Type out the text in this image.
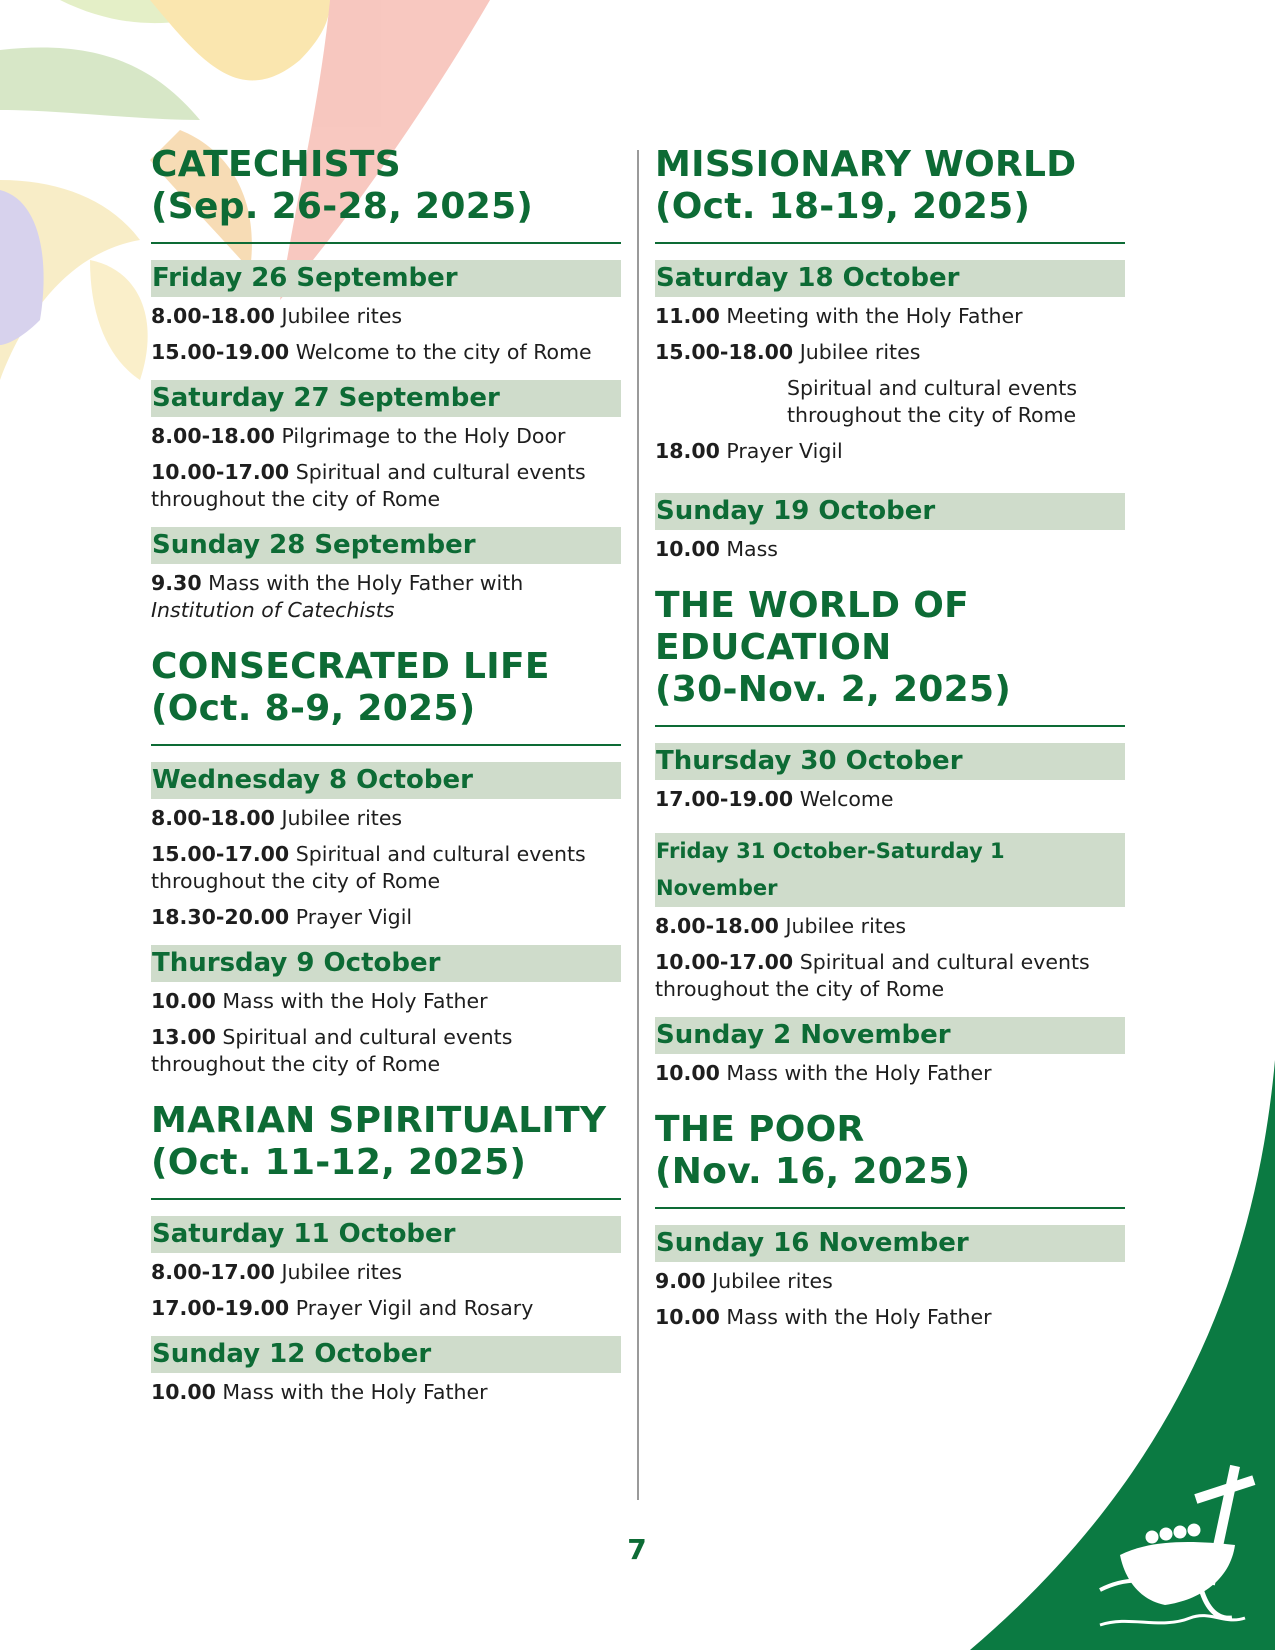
CATECHISTS
(Sep. 26-28, 2025)
Friday 26 September
8.00-18.00 Jubilee rites
15.00-19.00 Welcome to the city of Rome
Saturday 27 September
8.00-18.00 Pilgrimage to the Holy Door
10.00-17.00 Spiritual and cultural events throughout the city of Rome
Sunday 28 September
9.30 Mass with the Holy Father with
Institution of Catechists
CONSECRATED LIFE
(Oct. 8-9, 2025)
Wednesday 8 October
8.00-18.00 Jubilee rites
15.00-17.00 Spiritual and cultural events throughout the city of Rome
18.30-20.00 Prayer Vigil
Thursday 9 October
10.00 Mass with the Holy Father
13.00 Spiritual and cultural events throughout the city of Rome
MARIAN SPIRITUALITY
(Oct. 11-12, 2025)
Saturday 11 October
8.00-17.00 Jubilee rites
17.00-19.00 Prayer Vigil and Rosary
Sunday 12 October
10.00 Mass with the Holy Father
MISSIONARY WORLD
(Oct. 18-19, 2025)
Saturday 18 October
11.00 Meeting with the Holy Father
15.00-18.00 Jubilee rites
Spiritual and cultural events throughout the city of Rome
18.00 Prayer Vigil
Sunday 19 October
10.00 Mass
THE WORLD OF
EDUCATION
(30-Nov. 2, 2025)
Thursday 30 October
17.00-19.00 Welcome
Friday 31 October-Saturday 1 November
8.00-18.00 Jubilee rites
10.00-17.00 Spiritual and cultural events throughout the city of Rome
Sunday 2 November
10.00 Mass with the Holy Father
THE POOR
(Nov. 16, 2025)
Sunday 16 November
9.00 Jubilee rites
10.00 Mass with the Holy Father
7
